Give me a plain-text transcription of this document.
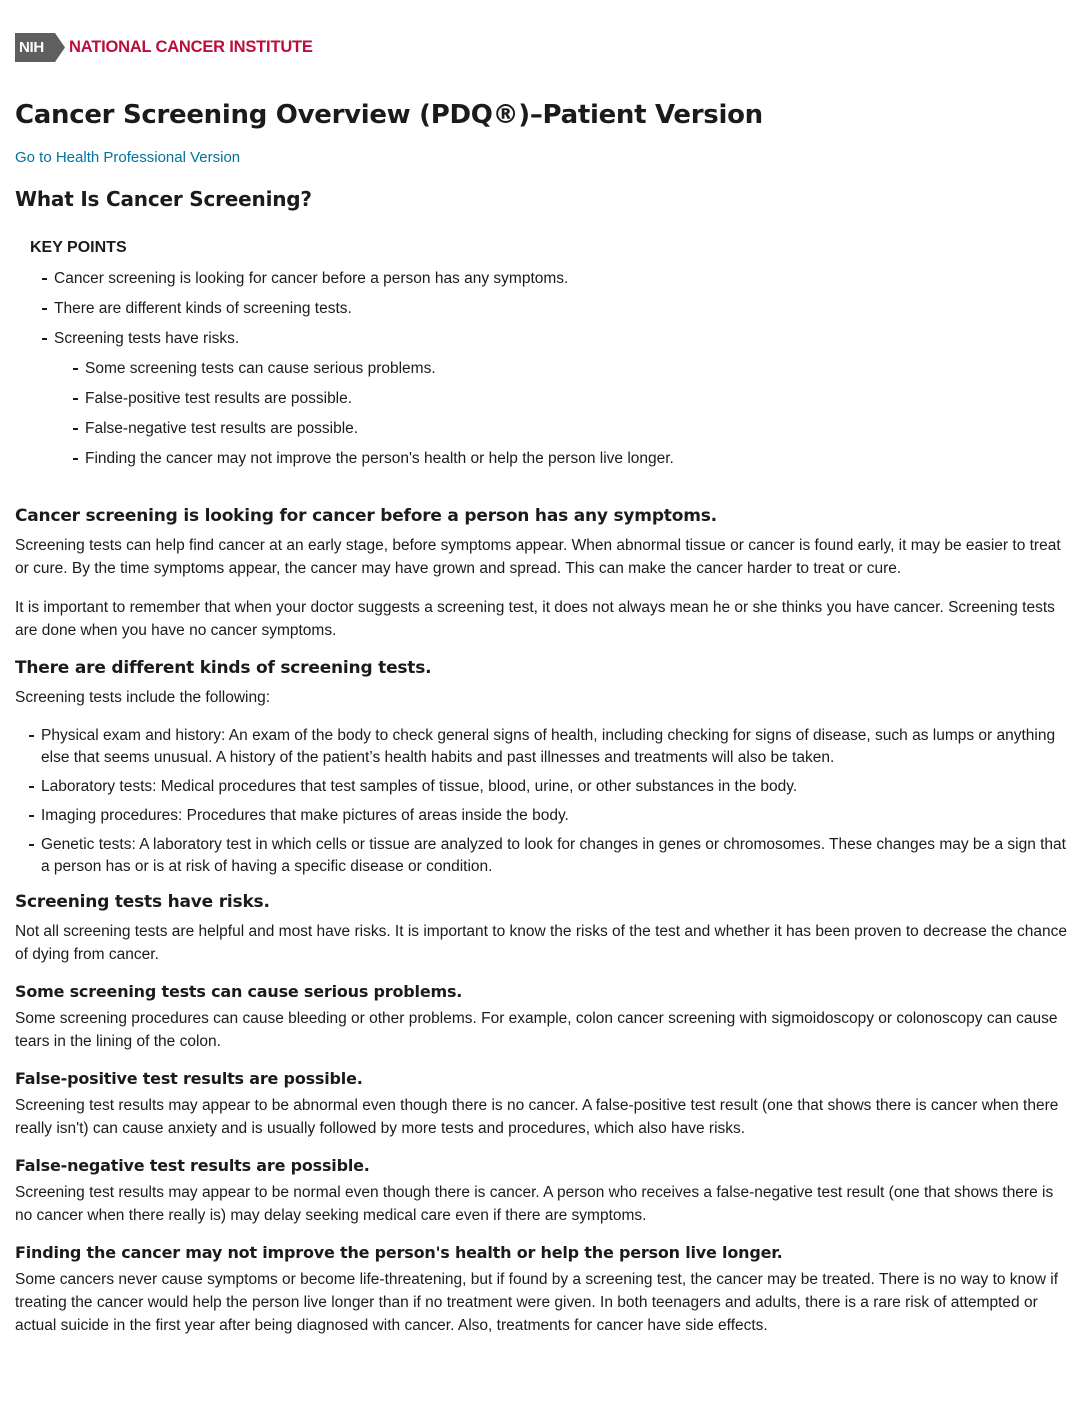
NIH NATIONAL CANCER INSTITUTE
Cancer Screening Overview (PDQ®)–Patient Version
Go to Health Professional Version
What Is Cancer Screening?
KEY POINTS
Cancer screening is looking for cancer before a person has any symptoms.
There are different kinds of screening tests.
Screening tests have risks.
Some screening tests can cause serious problems.
False-positive test results are possible.
False-negative test results are possible.
Finding the cancer may not improve the person's health or help the person live longer.
Cancer screening is looking for cancer before a person has any symptoms.

Screening tests can help find cancer at an early stage, before symptoms appear. When abnormal tissue or cancer is found early, it may be easier to treat or cure. By the time symptoms appear, the cancer may have grown and spread. This can make the cancer harder to treat or cure.

It is important to remember that when your doctor suggests a screening test, it does not always mean he or she thinks you have cancer. Screening tests are done when you have no cancer symptoms.

There are different kinds of screening tests.

Screening tests include the following:

Physical exam and history: An exam of the body to check general signs of health, including checking for signs of disease, such as lumps or anything else that seems unusual. A history of the patient’s health habits and past illnesses and treatments will also be taken.
Laboratory tests: Medical procedures that test samples of tissue, blood, urine, or other substances in the body.
Imaging procedures: Procedures that make pictures of areas inside the body.
Genetic tests: A laboratory test in which cells or tissue are analyzed to look for changes in genes or chromosomes. These changes may be a sign that a person has or is at risk of having a specific disease or condition.
Screening tests have risks.

Not all screening tests are helpful and most have risks. It is important to know the risks of the test and whether it has been proven to decrease the chance of dying from cancer.

Some screening tests can cause serious problems.

Some screening procedures can cause bleeding or other problems. For example, colon cancer screening with sigmoidoscopy or colonoscopy can cause tears in the lining of the colon.

False-positive test results are possible.

Screening test results may appear to be abnormal even though there is no cancer. A false-positive test result (one that shows there is cancer when there really isn't) can cause anxiety and is usually followed by more tests and procedures, which also have risks.

False-negative test results are possible.

Screening test results may appear to be normal even though there is cancer. A person who receives a false-negative test result (one that shows there is no cancer when there really is) may delay seeking medical care even if there are symptoms.

Finding the cancer may not improve the person's health or help the person live longer.

Some cancers never cause symptoms or become life-threatening, but if found by a screening test, the cancer may be treated. There is no way to know if treating the cancer would help the person live longer than if no treatment were given. In both teenagers and adults, there is a rare risk of attempted or actual suicide in the first year after being diagnosed with cancer. Also, treatments for cancer have side effects.
